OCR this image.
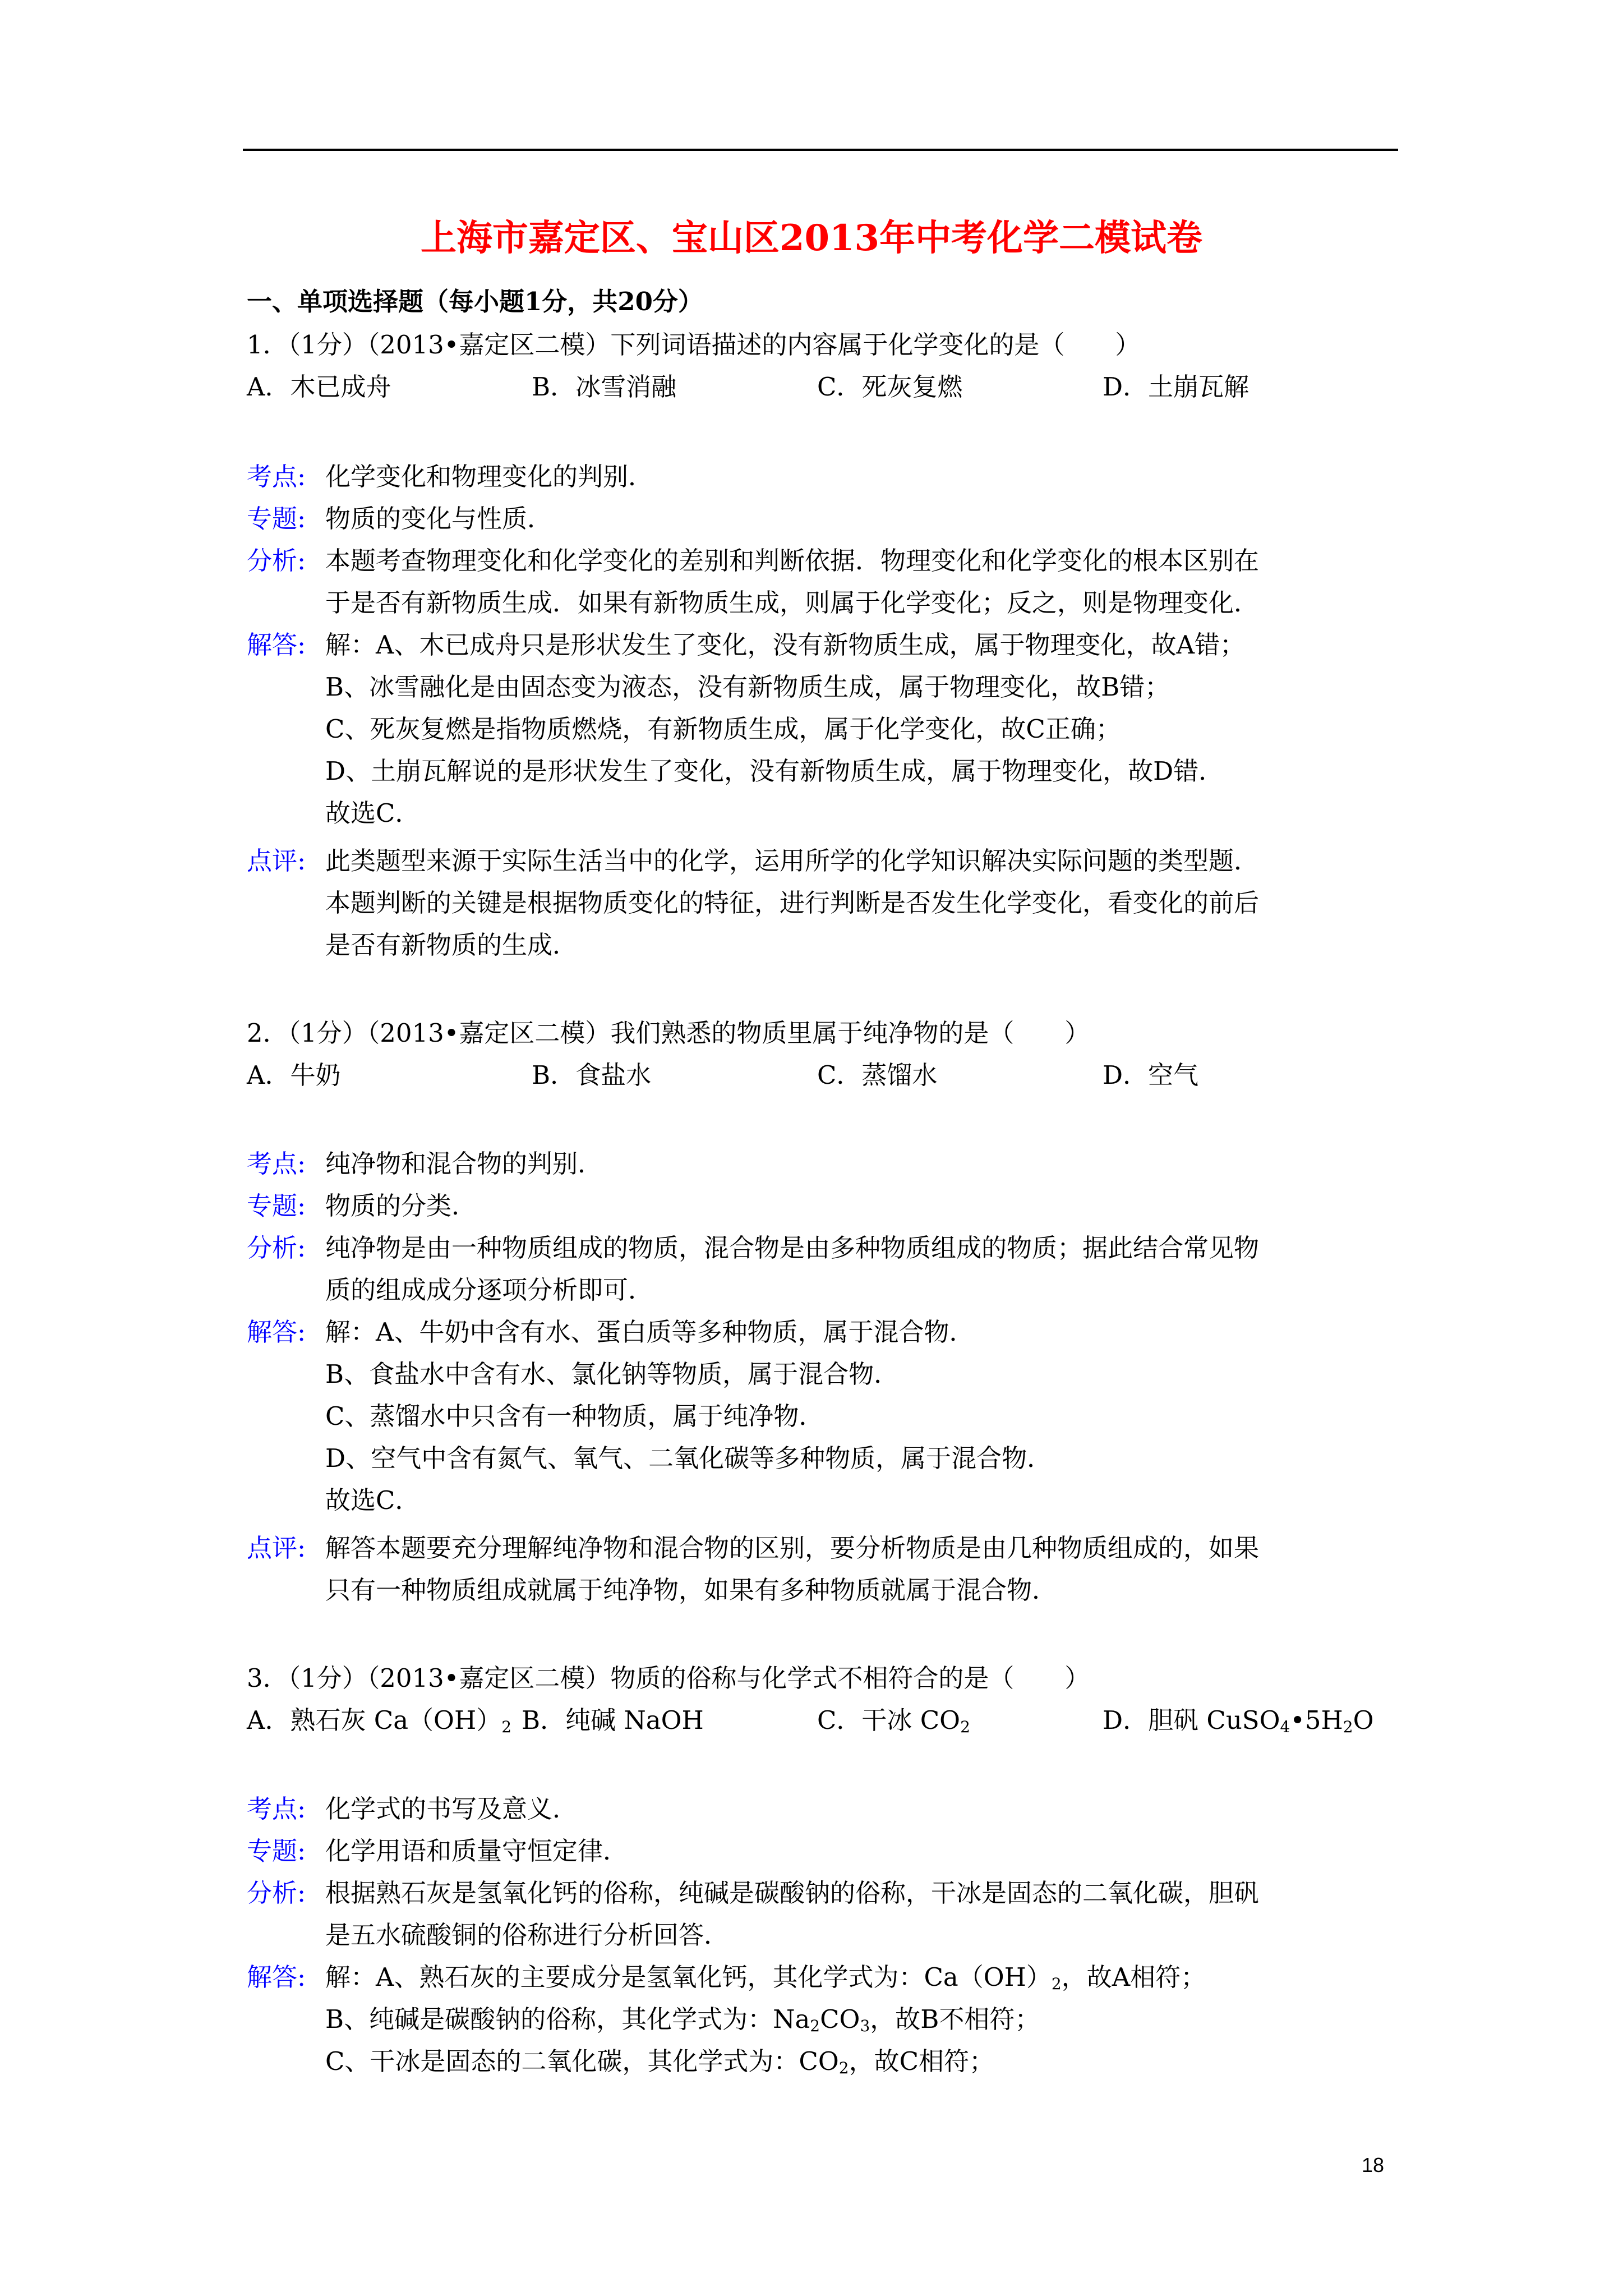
上海市嘉定区、宝山区2013年中考化学二模试卷
一、单项选择题（每小题1分，共20分）
1．（1分）（2013•嘉定区二模）下列词语描述的内容属于化学变化的是（　　）
A．木已成舟	B．冰雪消融	C．死灰复燃	D．土崩瓦解
考点: 化学变化和物理变化的判别．
专题: 物质的变化与性质．
分析: 本题考查物理变化和化学变化的差别和判断依据．物理变化和化学变化的根本区别在
于是否有新物质生成．如果有新物质生成，则属于化学变化；反之，则是物理变化．
解答: 解：A、木已成舟只是形状发生了变化，没有新物质生成，属于物理变化，故A错；
B、冰雪融化是由固态变为液态，没有新物质生成，属于物理变化，故B错；
C、死灰复燃是指物质燃烧，有新物质生成，属于化学变化，故C正确；
D、土崩瓦解说的是形状发生了变化，没有新物质生成，属于物理变化，故D错．
故选C．
点评: 此类题型来源于实际生活当中的化学，运用所学的化学知识解决实际问题的类型题．
本题判断的关键是根据物质变化的特征，进行判断是否发生化学变化，看变化的前后
是否有新物质的生成．
2．（1分）（2013•嘉定区二模）我们熟悉的物质里属于纯净物的是（　　）
A．牛奶	B．食盐水	C．蒸馏水	D．空气
考点: 纯净物和混合物的判别．
专题: 物质的分类．
分析: 纯净物是由一种物质组成的物质，混合物是由多种物质组成的物质；据此结合常见物
质的组成成分逐项分析即可．
解答: 解：A、牛奶中含有水、蛋白质等多种物质，属于混合物．
B、食盐水中含有水、氯化钠等物质，属于混合物．
C、蒸馏水中只含有一种物质，属于纯净物．
D、空气中含有氮气、氧气、二氧化碳等多种物质，属于混合物．
故选C．
点评: 解答本题要充分理解纯净物和混合物的区别，要分析物质是由几种物质组成的，如果
只有一种物质组成就属于纯净物，如果有多种物质就属于混合物．
3．（1分）（2013•嘉定区二模）物质的俗称与化学式不相符合的是（　　）
A．熟石灰 $Ca(OH)_2$ B．纯碱 NaOH	C．干冰 $CO_2$	D．胆矾 $CuSO_4•5H_2O$
考点: 化学式的书写及意义．
专题: 化学用语和质量守恒定律．
分析: 根据熟石灰是氢氧化钙的俗称，纯碱是碳酸钠的俗称，干冰是固态的二氧化碳，胆矾
是五水硫酸铜的俗称进行分析回答．
解答: 解：A、熟石灰的主要成分是氢氧化钙，其化学式为：$Ca(OH)_2$，故A相符；
B、纯碱是碳酸钠的俗称，其化学式为：$Na_2CO_3$，故B不相符；
C、干冰是固态的二氧化碳，其化学式为：$CO_2$，故C相符；
18
